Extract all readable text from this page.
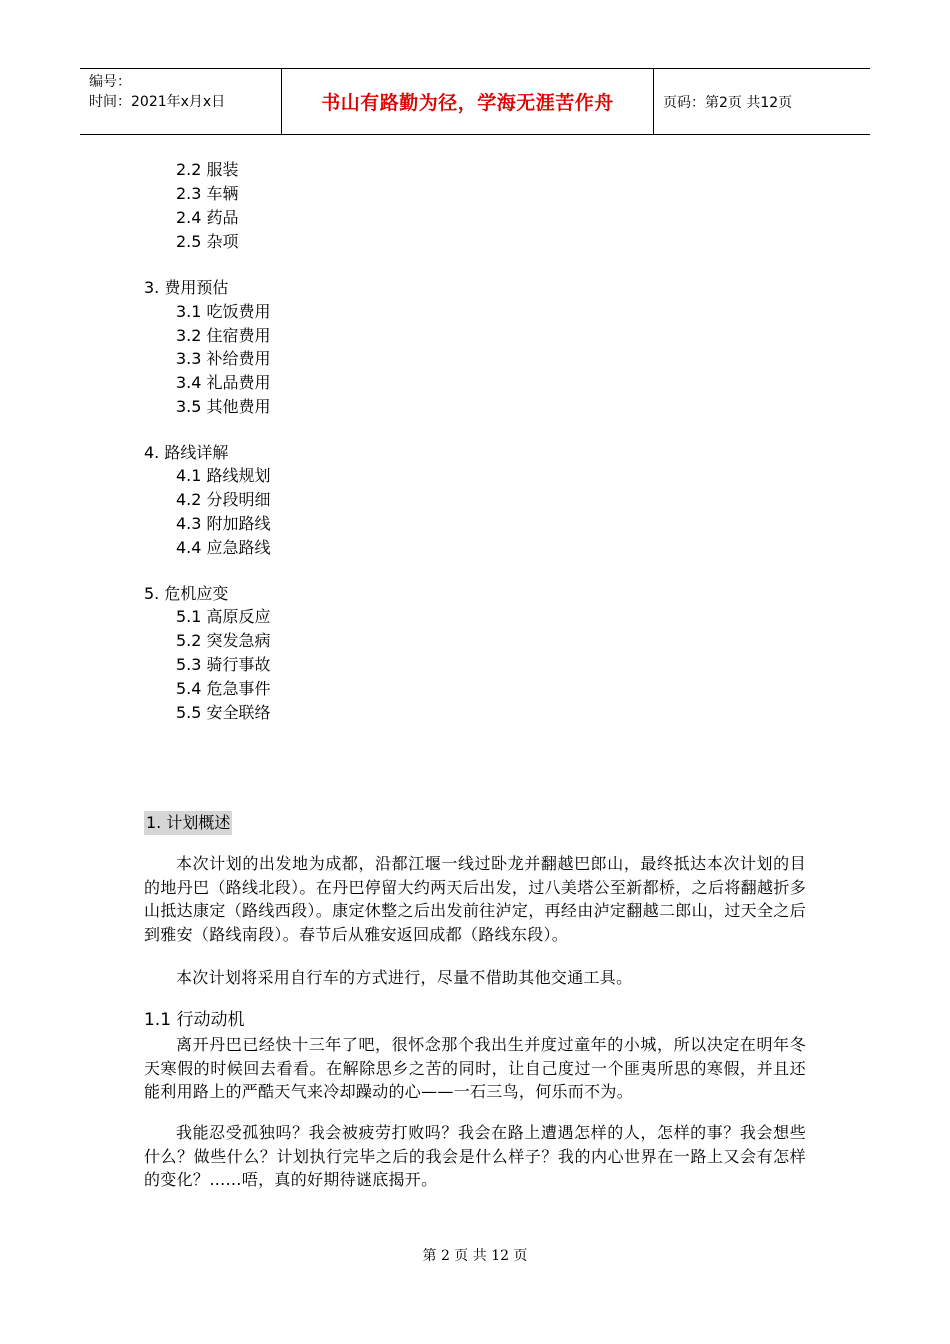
编号：
时间：2021年x月x日	书山有路勤为径，学海无涯苦作舟	页码：第2页 共12页
2.2 服装
2.3 车辆
2.4 药品
2.5 杂项
3. 费用预估
3.1 吃饭费用
3.2 住宿费用
3.3 补给费用
3.4 礼品费用
3.5 其他费用
4. 路线详解
4.1 路线规划
4.2 分段明细
4.3 附加路线
4.4 应急路线
5. 危机应变
5.1 高原反应
5.2 突发急病
5.3 骑行事故
5.4 危急事件
5.5 安全联络
1. 计划概述

本次计划的出发地为成都，沿都江堰一线过卧龙并翻越巴郎山，最终抵达本次计划的目的地丹巴（路线北段）。在丹巴停留大约两天后出发，过八美塔公至新都桥，之后将翻越折多山抵达康定（路线西段）。康定休整之后出发前往泸定，再经由泸定翻越二郎山，过天全之后到雅安（路线南段）。春节后从雅安返回成都（路线东段）。

本次计划将采用自行车的方式进行，尽量不借助其他交通工具。

1.1 行动动机

离开丹巴已经快十三年了吧，很怀念那个我出生并度过童年的小城，所以决定在明年冬天寒假的时候回去看看。在解除思乡之苦的同时，让自己度过一个匪夷所思的寒假，并且还能利用路上的严酷天气来冷却躁动的心——一石三鸟，何乐而不为。

我能忍受孤独吗？我会被疲劳打败吗？我会在路上遭遇怎样的人，怎样的事？我会想些什么？做些什么？计划执行完毕之后的我会是什么样子？我的内心世界在一路上又会有怎样的变化？……唔，真的好期待谜底揭开。

第 2 页 共 12 页
